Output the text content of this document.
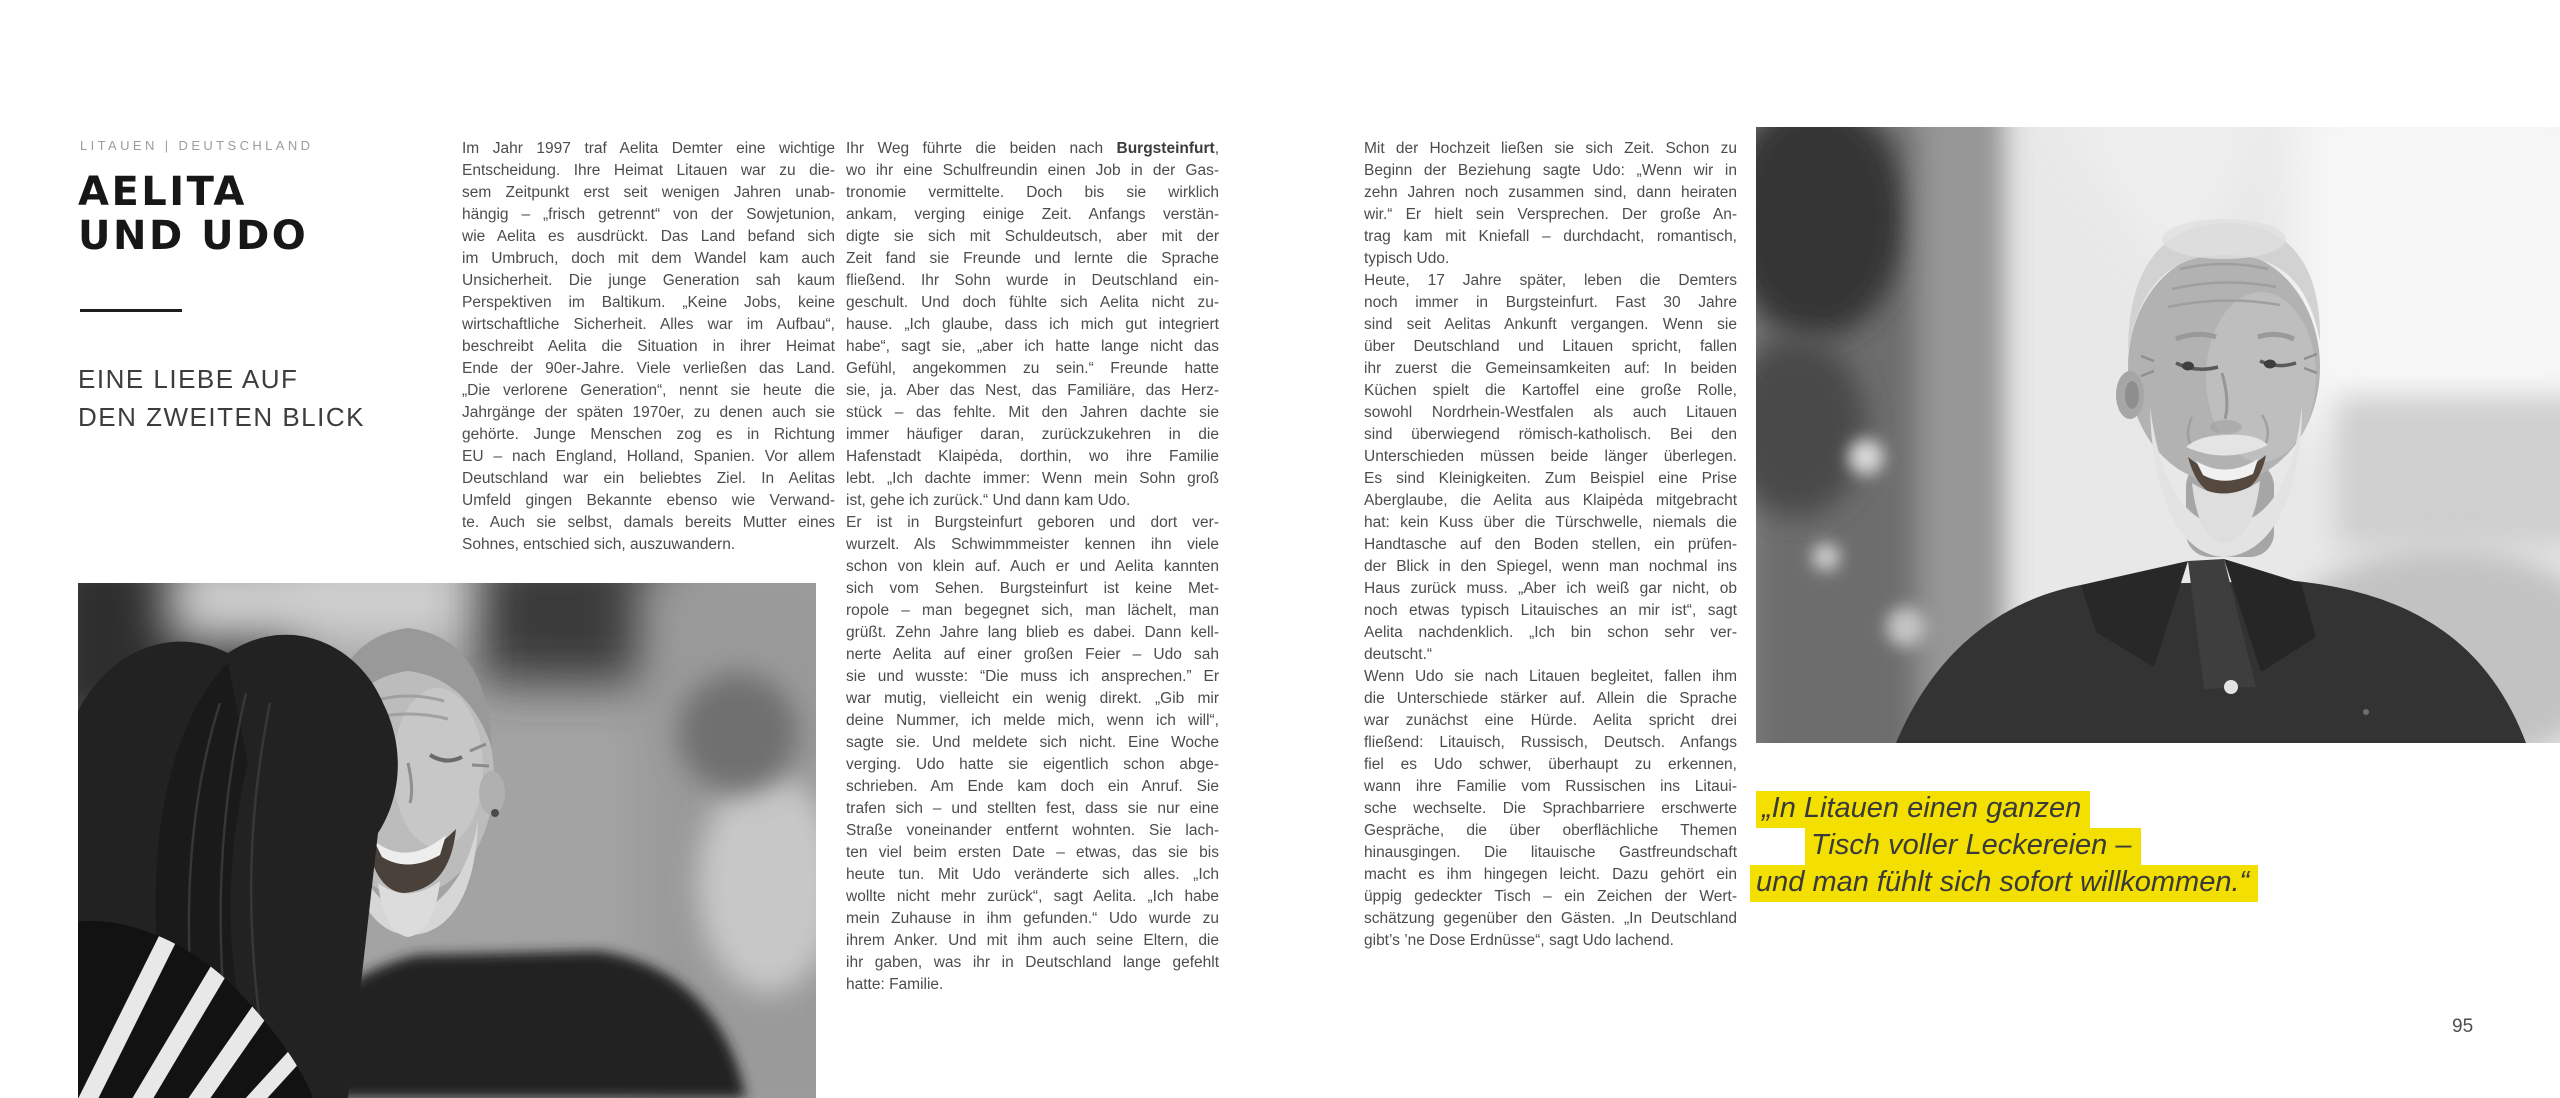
LITAUEN | DEUTSCHLAND
AELITA
UND UDO
EINE LIEBE AUF
DEN ZWEITEN BLICK
Im Jahr 1997 traf Aelita Demter eine wichtige
Entscheidung. Ihre Heimat Litauen war zu die-
sem Zeitpunkt erst seit wenigen Jahren unab-
hängig – „frisch getrennt“ von der Sowjetunion,
wie Aelita es ausdrückt. Das Land befand sich
im Umbruch, doch mit dem Wandel kam auch
Unsicherheit. Die junge Generation sah kaum
Perspektiven im Baltikum. „Keine Jobs, keine
wirtschaftliche Sicherheit. Alles war im Aufbau“,
beschreibt Aelita die Situation in ihrer Heimat
Ende der 90er-Jahre. Viele verließen das Land.
„Die verlorene Generation“, nennt sie heute die
Jahrgänge der späten 1970er, zu denen auch sie
gehörte. Junge Menschen zog es in Richtung
EU – nach England, Holland, Spanien. Vor allem
Deutschland war ein beliebtes Ziel. In Aelitas
Umfeld gingen Bekannte ebenso wie Verwand-
te. Auch sie selbst, damals bereits Mutter eines
Sohnes, entschied sich, auszuwandern.
Ihr Weg führte die beiden nach Burgsteinfurt,
wo ihr eine Schulfreundin einen Job in der Gas-
tronomie vermittelte. Doch bis sie wirklich
ankam, verging einige Zeit. Anfangs verstän-
digte sie sich mit Schuldeutsch, aber mit der
Zeit fand sie Freunde und lernte die Sprache
fließend. Ihr Sohn wurde in Deutschland ein-
geschult. Und doch fühlte sich Aelita nicht zu-
hause. „Ich glaube, dass ich mich gut integriert
habe“, sagt sie, „aber ich hatte lange nicht das
Gefühl, angekommen zu sein.“ Freunde hatte
sie, ja. Aber das Nest, das Familiäre, das Herz-
stück – das fehlte. Mit den Jahren dachte sie
immer häufiger daran, zurückzukehren in die
Hafenstadt Klaipėda, dorthin, wo ihre Familie
lebt. „Ich dachte immer: Wenn mein Sohn groß
ist, gehe ich zurück.“ Und dann kam Udo.
Er ist in Burgsteinfurt geboren und dort ver-
wurzelt. Als Schwimmmeister kennen ihn viele
schon von klein auf. Auch er und Aelita kannten
sich vom Sehen. Burgsteinfurt ist keine Met-
ropole – man begegnet sich, man lächelt, man
grüßt. Zehn Jahre lang blieb es dabei. Dann kell-
nerte Aelita auf einer großen Feier – Udo sah
sie und wusste: “Die muss ich ansprechen.” Er
war mutig, vielleicht ein wenig direkt. „Gib mir
deine Nummer, ich melde mich, wenn ich will“,
sagte sie. Und meldete sich nicht. Eine Woche
verging. Udo hatte sie eigentlich schon abge-
schrieben. Am Ende kam doch ein Anruf. Sie
trafen sich – und stellten fest, dass sie nur eine
Straße voneinander entfernt wohnten. Sie lach-
ten viel beim ersten Date – etwas, das sie bis
heute tun. Mit Udo veränderte sich alles. „Ich
wollte nicht mehr zurück“, sagt Aelita. „Ich habe
mein Zuhause in ihm gefunden.“ Udo wurde zu
ihrem Anker. Und mit ihm auch seine Eltern, die
ihr gaben, was ihr in Deutschland lange gefehlt
hatte: Familie.
Mit der Hochzeit ließen sie sich Zeit. Schon zu
Beginn der Beziehung sagte Udo: „Wenn wir in
zehn Jahren noch zusammen sind, dann heiraten
wir.“ Er hielt sein Versprechen. Der große An-
trag kam mit Kniefall – durchdacht, romantisch,
typisch Udo.
Heute, 17 Jahre später, leben die Demters
noch immer in Burgsteinfurt. Fast 30 Jahre
sind seit Aelitas Ankunft vergangen. Wenn sie
über Deutschland und Litauen spricht, fallen
ihr zuerst die Gemeinsamkeiten auf: In beiden
Küchen spielt die Kartoffel eine große Rolle,
sowohl Nordrhein-Westfalen als auch Litauen
sind überwiegend römisch-katholisch. Bei den
Unterschieden müssen beide länger überlegen.
Es sind Kleinigkeiten. Zum Beispiel eine Prise
Aberglaube, die Aelita aus Klaipėda mitgebracht
hat: kein Kuss über die Türschwelle, niemals die
Handtasche auf den Boden stellen, ein prüfen-
der Blick in den Spiegel, wenn man nochmal ins
Haus zurück muss. „Aber ich weiß gar nicht, ob
noch etwas typisch Litauisches an mir ist“, sagt
Aelita nachdenklich. „Ich bin schon sehr ver-
deutscht.“
Wenn Udo sie nach Litauen begleitet, fallen ihm
die Unterschiede stärker auf. Allein die Sprache
war zunächst eine Hürde. Aelita spricht drei
fließend: Litauisch, Russisch, Deutsch. Anfangs
fiel es Udo schwer, überhaupt zu erkennen,
wann ihre Familie vom Russischen ins Litaui-
sche wechselte. Die Sprachbarriere erschwerte
Gespräche, die über oberflächliche Themen
hinausgingen. Die litauische Gastfreundschaft
macht es ihm hingegen leicht. Dazu gehört ein
üppig gedeckter Tisch – ein Zeichen der Wert-
schätzung gegenüber den Gästen. „In Deutschland
gibt’s ’ne Dose Erdnüsse“, sagt Udo lachend.
„In Litauen einen ganzen
Tisch voller Leckereien –
und man fühlt sich sofort willkommen.“
95
